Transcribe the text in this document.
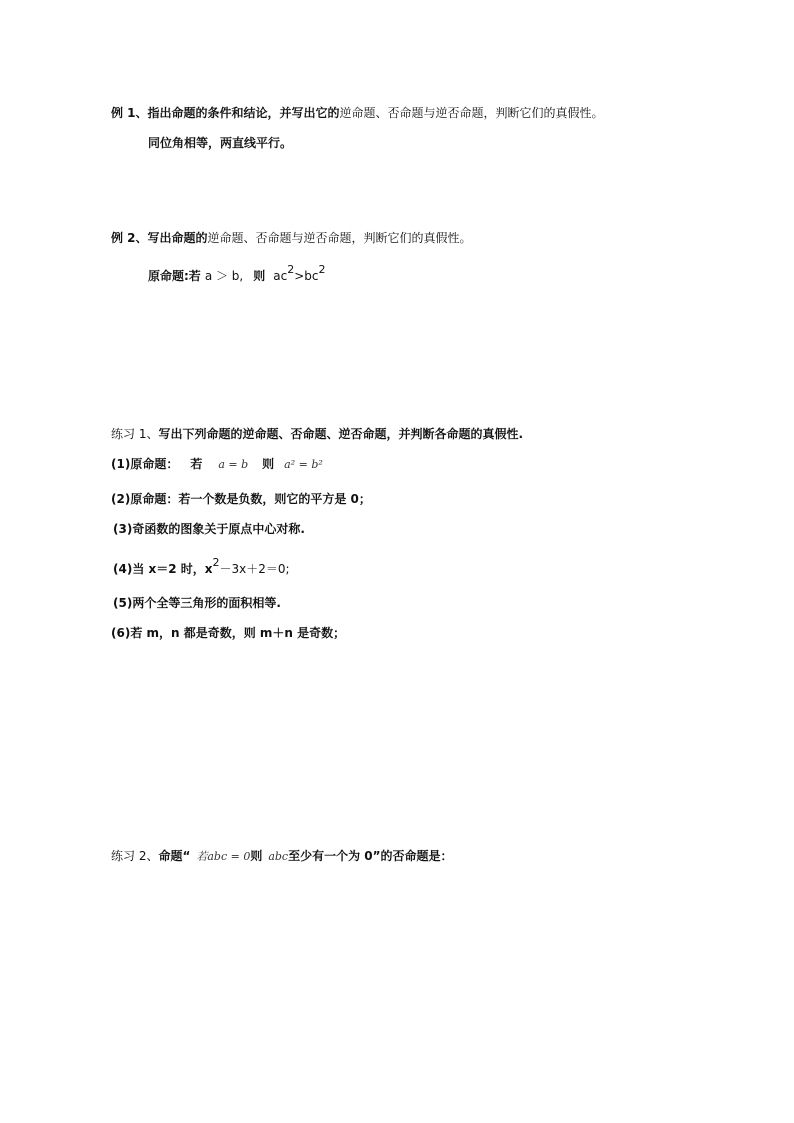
例 1、指出命题的条件和结论，并写出它的逆命题、否命题与逆否命题，判断它们的真假性。
同位角相等，两直线平行。
例 2、写出命题的逆命题、否命题与逆否命题，判断它们的真假性。
原命题:若 a ＞ b, 则 ac2>bc2
练习 1、写出下列命题的逆命题、否命题、逆否命题，并判断各命题的真假性.
(1)原命题： 若 a = b 则 a² = b²
(2)原命题：若一个数是负数，则它的平方是 0；
(3)奇函数的图象关于原点中心对称.
(4)当 x＝2 时，x2－3x＋2＝0;
(5)两个全等三角形的面积相等.
(6)若 m，n 都是奇数，则 m＋n 是奇数；
练习 2、命题“ 若abc = 0则 abc至少有一个为 0”的否命题是：
